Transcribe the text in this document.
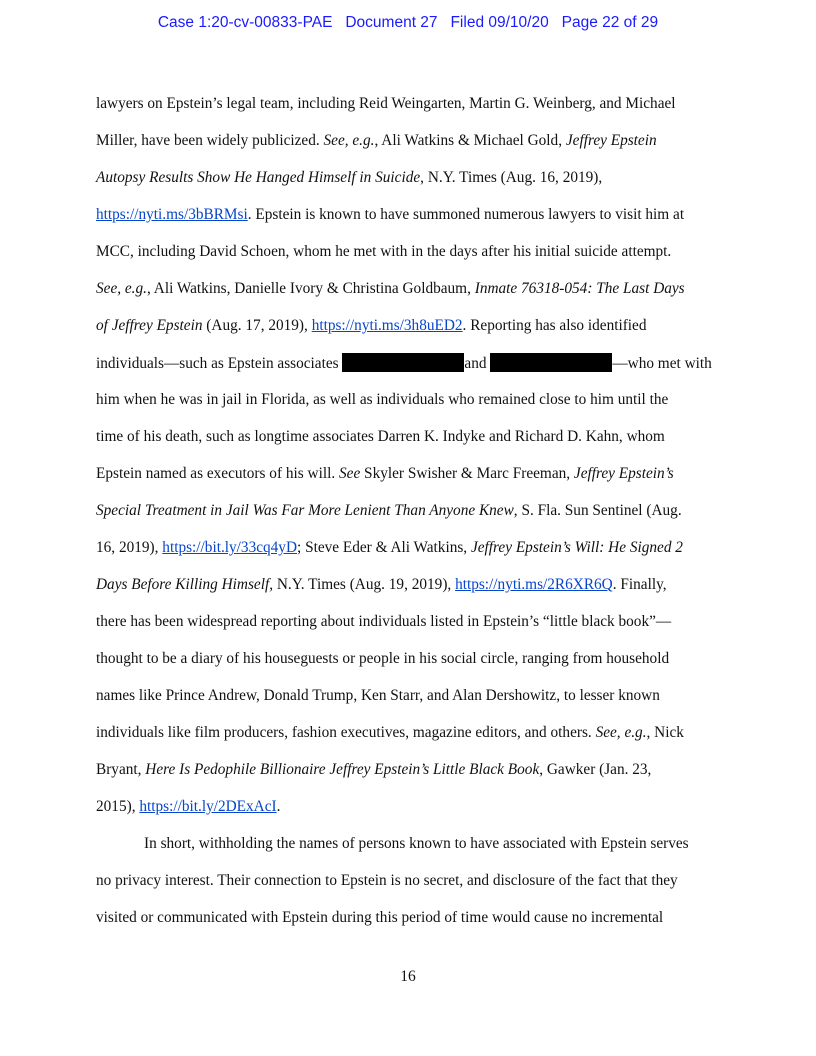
Case 1:20-cv-00833-PAE   Document 27   Filed 09/10/20   Page 22 of 29
lawyers on Epstein’s legal team, including Reid Weingarten, Martin G. Weinberg, and Michael
Miller, have been widely publicized. See, e.g., Ali Watkins & Michael Gold, Jeffrey Epstein
Autopsy Results Show He Hanged Himself in Suicide, N.Y. Times (Aug. 16, 2019),
https://nyti.ms/3bBRMsi. Epstein is known to have summoned numerous lawyers to visit him at
MCC, including David Schoen, whom he met with in the days after his initial suicide attempt.
See, e.g., Ali Watkins, Danielle Ivory & Christina Goldbaum, Inmate 76318-054: The Last Days
of Jeffrey Epstein (Aug. 17, 2019), https://nyti.ms/3h8uED2. Reporting has also identified
individuals—such as Epstein associates	and	—who met with
him when he was in jail in Florida, as well as individuals who remained close to him until the
time of his death, such as longtime associates Darren K. Indyke and Richard D. Kahn, whom
Epstein named as executors of his will. See Skyler Swisher & Marc Freeman, Jeffrey Epstein’s
Special Treatment in Jail Was Far More Lenient Than Anyone Knew, S. Fla. Sun Sentinel (Aug.
16, 2019), https://bit.ly/33cq4yD; Steve Eder & Ali Watkins, Jeffrey Epstein’s Will: He Signed 2
Days Before Killing Himself, N.Y. Times (Aug. 19, 2019), https://nyti.ms/2R6XR6Q. Finally,
there has been widespread reporting about individuals listed in Epstein’s “little black book”—
thought to be a diary of his houseguests or people in his social circle, ranging from household
names like Prince Andrew, Donald Trump, Ken Starr, and Alan Dershowitz, to lesser known
individuals like film producers, fashion executives, magazine editors, and others. See, e.g., Nick
Bryant, Here Is Pedophile Billionaire Jeffrey Epstein’s Little Black Book, Gawker (Jan. 23,
2015), https://bit.ly/2DExAcI.
In short, withholding the names of persons known to have associated with Epstein serves
no privacy interest. Their connection to Epstein is no secret, and disclosure of the fact that they
visited or communicated with Epstein during this period of time would cause no incremental
16
